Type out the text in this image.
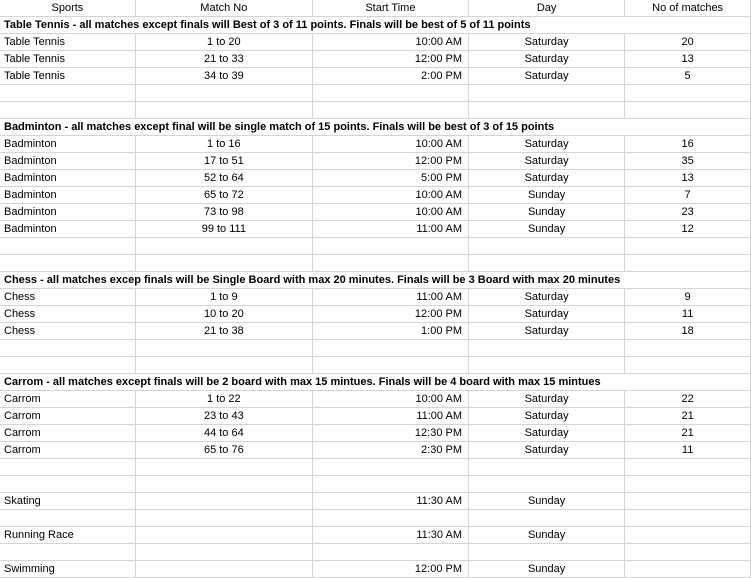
Sports	Match No	Start Time	Day	No of matches
Table Tennis - all matches except finals will Best of 3 of 11 points. Finals will be best of 5 of 11 points				
Table Tennis	1 to 20	10:00 AM	Saturday	20
Table Tennis	21 to 33	12:00 PM	Saturday	13
Table Tennis	34 to 39	2:00 PM	Saturday	5

Badminton - all matches except final will be single match of 15 points. Finals will be best of 3 of 15 points				
Badminton	1 to 16	10:00 AM	Saturday	16
Badminton	17 to 51	12:00 PM	Saturday	35
Badminton	52 to 64	5:00 PM	Saturday	13
Badminton	65 to 72	10:00 AM	Sunday	7
Badminton	73 to 98	10:00 AM	Sunday	23
Badminton	99 to 111	11:00 AM	Sunday	12

Chess - all matches excep finals will be Single Board with max 20 minutes. Finals will be 3 Board with max 20 minutes				
Chess	1 to 9	11:00 AM	Saturday	9
Chess	10 to 20	12:00 PM	Saturday	11
Chess	21 to 38	1:00 PM	Saturday	18

Carrom - all matches except finals will be 2 board with max 15 mintues. Finals will be 4 board with max 15 mintues				
Carrom	1 to 22	10:00 AM	Saturday	22
Carrom	23 to 43	11:00 AM	Saturday	21
Carrom	44 to 64	12:30 PM	Saturday	21
Carrom	65 to 76	2:30 PM	Saturday	11

Skating		11:30 AM	Sunday	

Running Race		11:30 AM	Sunday	

Swimming		12:00 PM	Sunday	
